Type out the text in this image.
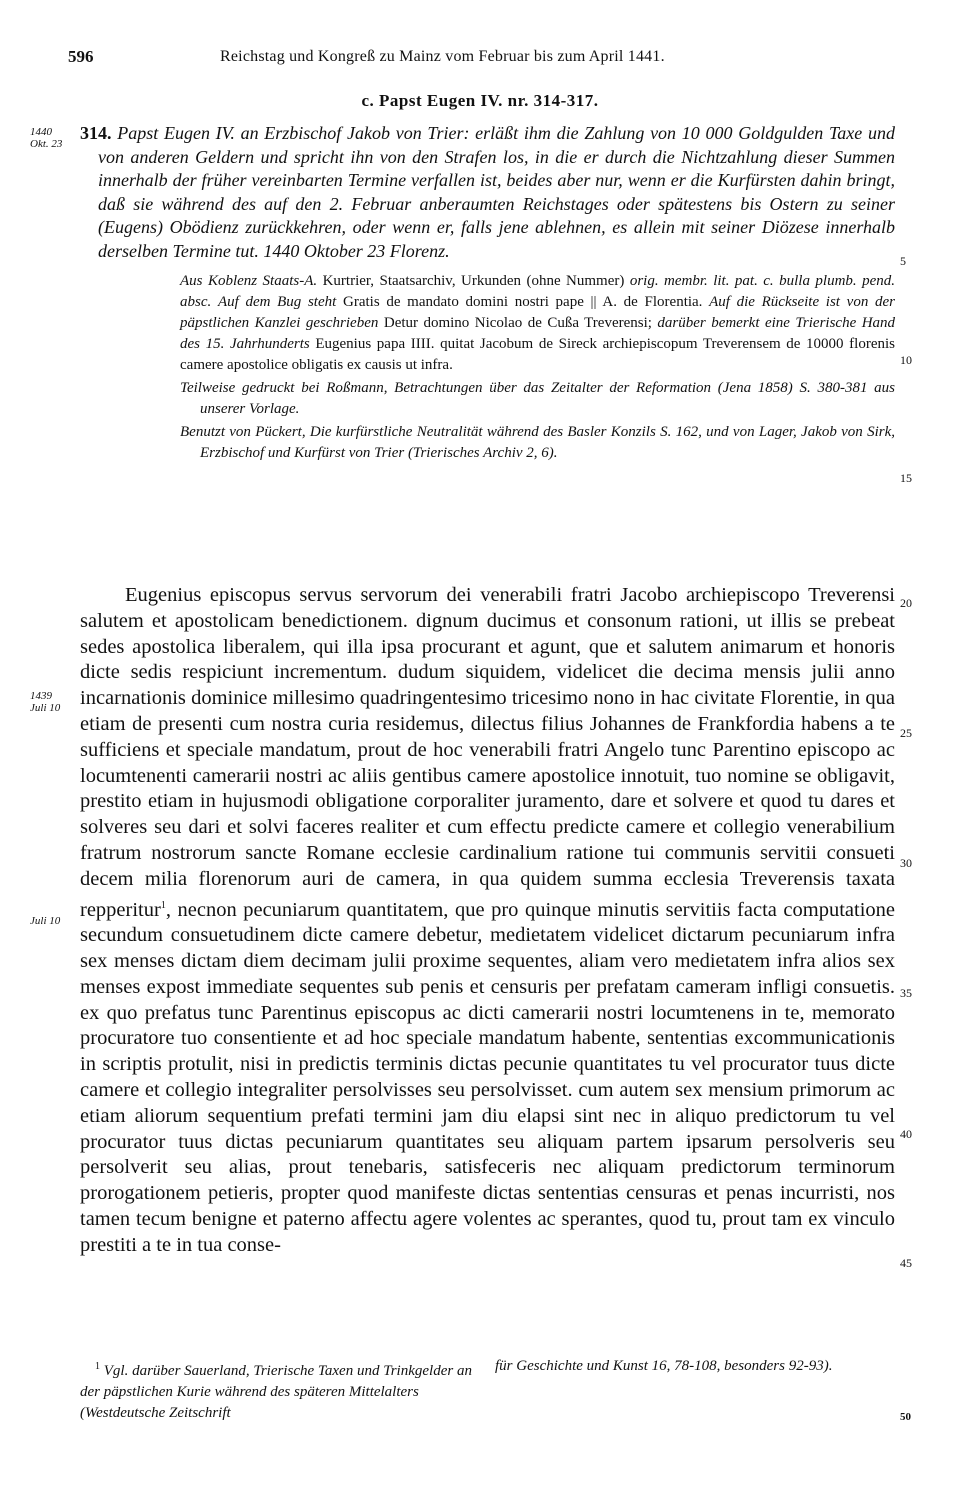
596	Reichstag und Kongreß zu Mainz vom Februar bis zum April 1441.
c. Papst Eugen IV. nr. 314-317.
1440
Okt. 23
1439
Juli 10
Juli 10
314. Papst Eugen IV. an Erzbischof Jakob von Trier: erläßt ihm die Zahlung von 10 000 Goldgulden Taxe und von anderen Geldern und spricht ihn von den Strafen los, in die er durch die Nichtzahlung dieser Summen innerhalb der früher vereinbarten Termine verfallen ist, beides aber nur, wenn er die Kurfürsten dahin bringt, daß sie während des auf den 2. Februar anberaumten Reichstages oder spätestens bis Ostern zu seiner (Eugens) Obödienz zurückkehren, oder wenn er, falls jene ablehnen, es allein mit seiner Diözese innerhalb derselben Termine tut. 1440 Oktober 23 Florenz.

Aus Koblenz Staats-A. Kurtrier, Staatsarchiv, Urkunden (ohne Nummer) orig. membr. lit. pat. c. bulla plumb. pend. absc. Auf dem Bug steht Gratis de mandato domini nostri pape || A. de Florentia. Auf die Rückseite ist von der päpstlichen Kanzlei geschrieben Detur domino Nicolao de Cußa Treverensi; darüber bemerkt eine Trierische Hand des 15. Jahrhunderts Eugenius papa IIII. quitat Jacobum de Sireck archiepiscopum Treverensem de 10000 florenis camere apostolice obligatis ex causis ut infra.

Teilweise gedruckt bei Roßmann, Betrachtungen über das Zeitalter der Reformation (Jena 1858) S. 380-381 aus unserer Vorlage.

Benutzt von Pückert, Die kurfürstliche Neutralität während des Basler Konzils S. 162, und von Lager, Jakob von Sirk, Erzbischof und Kurfürst von Trier (Trierisches Archiv 2, 6).

Eugenius episcopus servus servorum dei venerabili fratri Jacobo archiepiscopo Treverensi salutem et apostolicam benedictionem. dignum ducimus et consonum rationi, ut illis se prebeat sedes apostolica liberalem, qui illa ipsa procurant et agunt, que et salutem animarum et honoris dicte sedis respiciunt incrementum. dudum siquidem, videlicet die decima mensis julii anno incarnationis dominice millesimo quadringentesimo tricesimo nono in hac civitate Florentie, in qua etiam de presenti cum nostra curia residemus, dilectus filius Johannes de Frankfordia habens a te sufficiens et speciale mandatum, prout de hoc venerabili fratri Angelo tunc Parentino episcopo ac locumtenenti camerarii nostri ac aliis gentibus camere apostolice innotuit, tuo nomine se obligavit, prestito etiam in hujusmodi obligatione corporaliter juramento, dare et solvere et quod tu dares et solveres seu dari et solvi faceres realiter et cum effectu predicte camere et collegio venerabilium fratrum nostrorum sancte Romane ecclesie cardinalium ratione tui communis servitii consueti decem milia florenorum auri de camera, in qua quidem summa ecclesia Treverensis taxata repperitur$^1$, necnon pecuniarum quantitatem, que pro quinque minutis servitiis facta computatione secundum consuetudinem dicte camere debetur, medietatem videlicet dictarum pecuniarum infra sex menses dictam diem decimam julii proxime sequentes, aliam vero medietatem infra alios sex menses expost immediate sequentes sub penis et censuris per prefatam cameram infligi consuetis. ex quo prefatus tunc Parentinus episcopus ac dicti camerarii nostri locumtenens in te, memorato procuratore tuo consentiente et ad hoc speciale mandatum habente, sententias excommunicationis in scriptis protulit, nisi in predictis terminis dictas pecunie quantitates tu vel procurator tuus dicte camere et collegio integraliter persolvisses seu persolvisset. cum autem sex mensium primorum ac etiam aliorum sequentium prefati termini jam diu elapsi sint nec in aliquo predictorum tu vel procurator tuus dictas pecuniarum quantitates seu aliquam partem ipsarum persolveris seu persolverit seu alias, prout tenebaris, satisfeceris nec aliquam predictorum terminorum prorogationem petieris, propter quod manifeste dictas sententias censuras et penas incurristi, nos tamen tecum benigne et paterno affectu agere volentes ac sperantes, quod tu, prout tam ex vinculo prestiti a te in tua conse-

5
10
15
20
25
30
35
40
45
$^1$ Vgl. darüber Sauerland, Trierische Taxen und Trinkgelder an der päpstlichen Kurie während des späteren Mittelalters (Westdeutsche Zeitschrift
für Geschichte und Kunst 16, 78-108, besonders 92-93).
50
